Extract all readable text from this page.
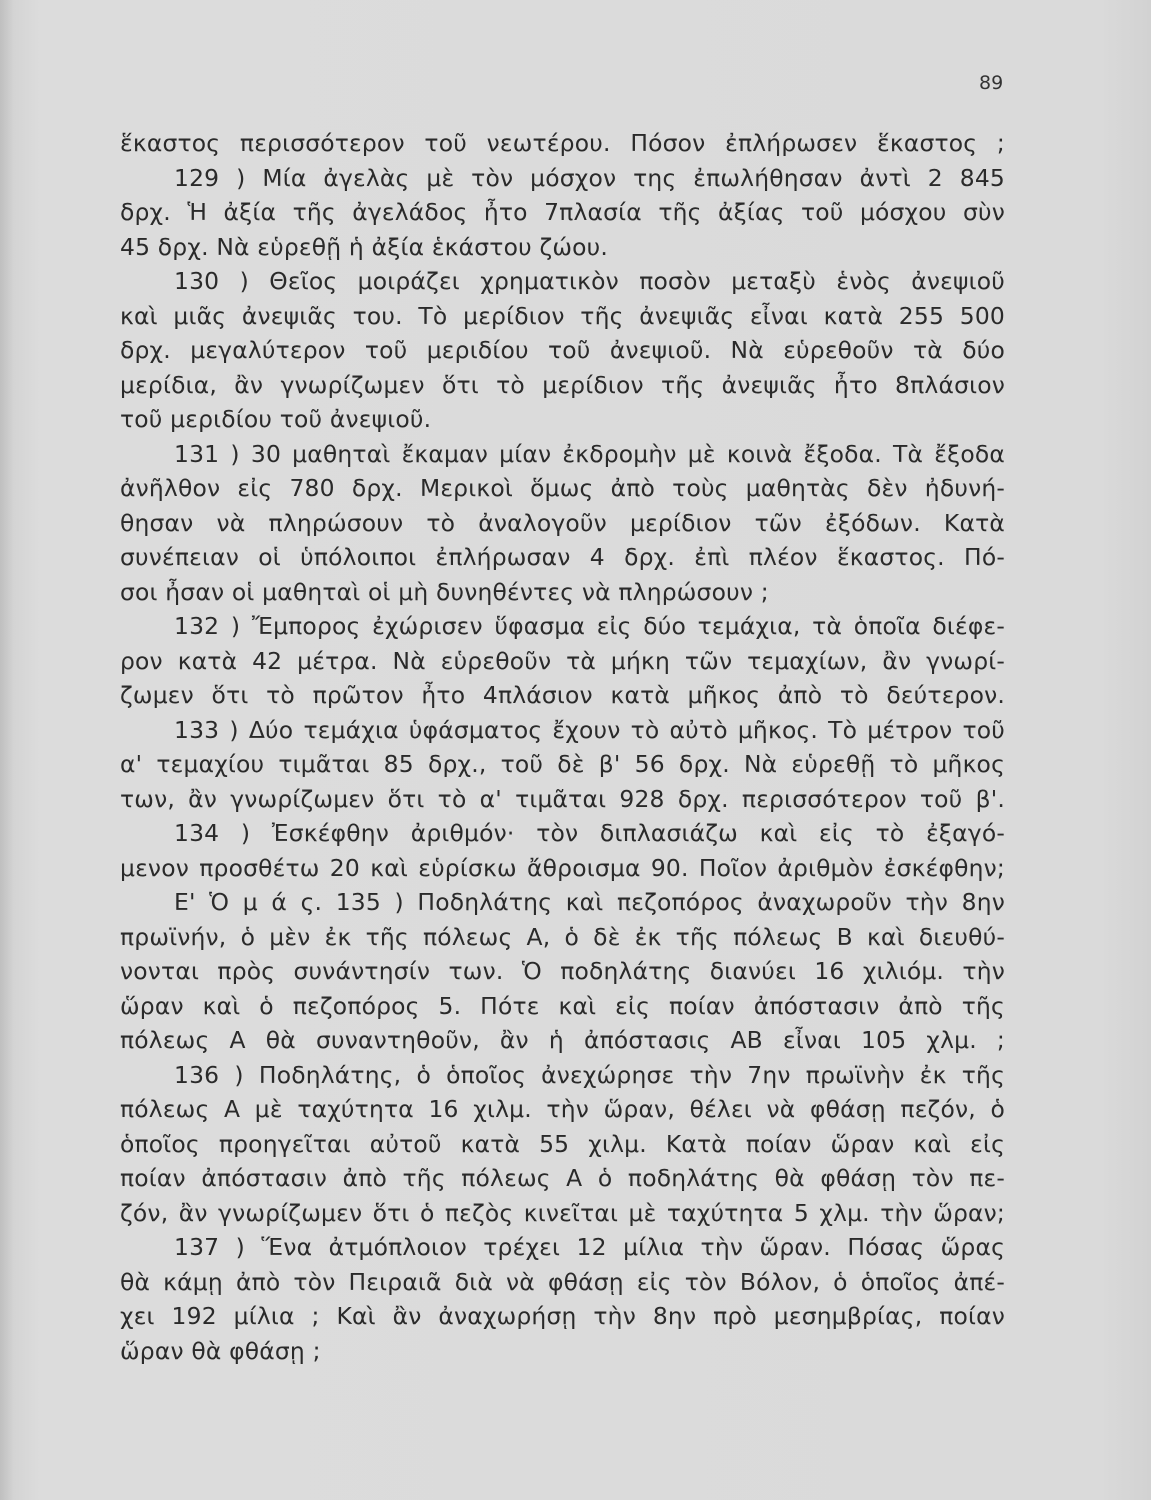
89
ἕκαστος περισσότερον τοῦ νεωτέρου. Πόσον ἐπλήρωσεν ἕκαστος ;
129 ) Μία ἀγελὰς μὲ τὸν μόσχον της ἐπωλήθησαν ἀντὶ 2 845
δρχ. Ἡ ἀξία τῆς ἀγελάδος ἦτο 7πλασία τῆς ἀξίας τοῦ μόσχου σὺν
45 δρχ. Νὰ εὑρεθῇ ἡ ἀξία ἑκάστου ζώου.
130 ) Θεῖος μοιράζει χρηματικὸν ποσὸν μεταξὺ ἑνὸς ἀνεψιοῦ
καὶ μιᾶς ἀνεψιᾶς του. Τὸ μερίδιον τῆς ἀνεψιᾶς εἶναι κατὰ 255 500
δρχ. μεγαλύτερον τοῦ μεριδίου τοῦ ἀνεψιοῦ. Νὰ εὑρεθοῦν τὰ δύο
μερίδια, ἂν γνωρίζωμεν ὅτι τὸ μερίδιον τῆς ἀνεψιᾶς ἦτο 8πλάσιον
τοῦ μεριδίου τοῦ ἀνεψιοῦ.
131 ) 30 μαθηταὶ ἔκαμαν μίαν ἐκδρομὴν μὲ κοινὰ ἔξοδα. Τὰ ἔξοδα
ἀνῆλθον εἰς 780 δρχ. Μερικοὶ ὅμως ἀπὸ τοὺς μαθητὰς δὲν ἠδυνή-
θησαν νὰ πληρώσουν τὸ ἀναλογοῦν μερίδιον τῶν ἐξόδων. Κατὰ
συνέπειαν οἱ ὑπόλοιποι ἐπλήρωσαν 4 δρχ. ἐπὶ πλέον ἕκαστος. Πό-
σοι ἦσαν οἱ μαθηταὶ οἱ μὴ δυνηθέντες νὰ πληρώσουν ;
132 ) Ἔμπορος ἐχώρισεν ὕφασμα εἰς δύο τεμάχια, τὰ ὁποῖα διέφε-
ρον κατὰ 42 μέτρα. Νὰ εὑρεθοῦν τὰ μήκη τῶν τεμαχίων, ἂν γνωρί-
ζωμεν ὅτι τὸ πρῶτον ἦτο 4πλάσιον κατὰ μῆκος ἀπὸ τὸ δεύτερον.
133 ) Δύο τεμάχια ὑφάσματος ἔχουν τὸ αὐτὸ μῆκος. Τὸ μέτρον τοῦ
α' τεμαχίου τιμᾶται 85 δρχ., τοῦ δὲ β' 56 δρχ. Νὰ εὑρεθῇ τὸ μῆκος
των, ἂν γνωρίζωμεν ὅτι τὸ α' τιμᾶται 928 δρχ. περισσότερον τοῦ β'.
134 ) Ἐσκέφθην ἀριθμόν· τὸν διπλασιάζω καὶ εἰς τὸ ἐξαγό-
μενον προσθέτω 20 καὶ εὑρίσκω ἄθροισμα 90. Ποῖον ἀριθμὸν ἐσκέφθην;
Ε' Ὁ μ ά ς. 135 ) Ποδηλάτης καὶ πεζοπόρος ἀναχωροῦν τὴν 8ην
πρωϊνήν, ὁ μὲν ἐκ τῆς πόλεως Α, ὁ δὲ ἐκ τῆς πόλεως Β καὶ διευθύ-
νονται πρὸς συνάντησίν των. Ὁ ποδηλάτης διανύει 16 χιλιόμ. τὴν
ὥραν καὶ ὁ πεζοπόρος 5. Πότε καὶ εἰς ποίαν ἀπόστασιν ἀπὸ τῆς
πόλεως Α θὰ συναντηθοῦν, ἂν ἡ ἀπόστασις ΑΒ εἶναι 105 χλμ. ;
136 ) Ποδηλάτης, ὁ ὁποῖος ἀνεχώρησε τὴν 7ην πρωϊνὴν ἐκ τῆς
πόλεως Α μὲ ταχύτητα 16 χιλμ. τὴν ὥραν, θέλει νὰ φθάσῃ πεζόν, ὁ
ὁποῖος προηγεῖται αὐτοῦ κατὰ 55 χιλμ. Κατὰ ποίαν ὥραν καὶ εἰς
ποίαν ἀπόστασιν ἀπὸ τῆς πόλεως Α ὁ ποδηλάτης θὰ φθάσῃ τὸν πε-
ζόν, ἂν γνωρίζωμεν ὅτι ὁ πεζὸς κινεῖται μὲ ταχύτητα 5 χλμ. τὴν ὥραν;
137 ) Ἕνα ἀτμόπλοιον τρέχει 12 μίλια τὴν ὥραν. Πόσας ὥρας
θὰ κάμῃ ἀπὸ τὸν Πειραιᾶ διὰ νὰ φθάσῃ εἰς τὸν Βόλον, ὁ ὁποῖος ἀπέ-
χει 192 μίλια ; Καὶ ἂν ἀναχωρήσῃ τὴν 8ην πρὸ μεσημβρίας, ποίαν
ὥραν θὰ φθάσῃ ;
